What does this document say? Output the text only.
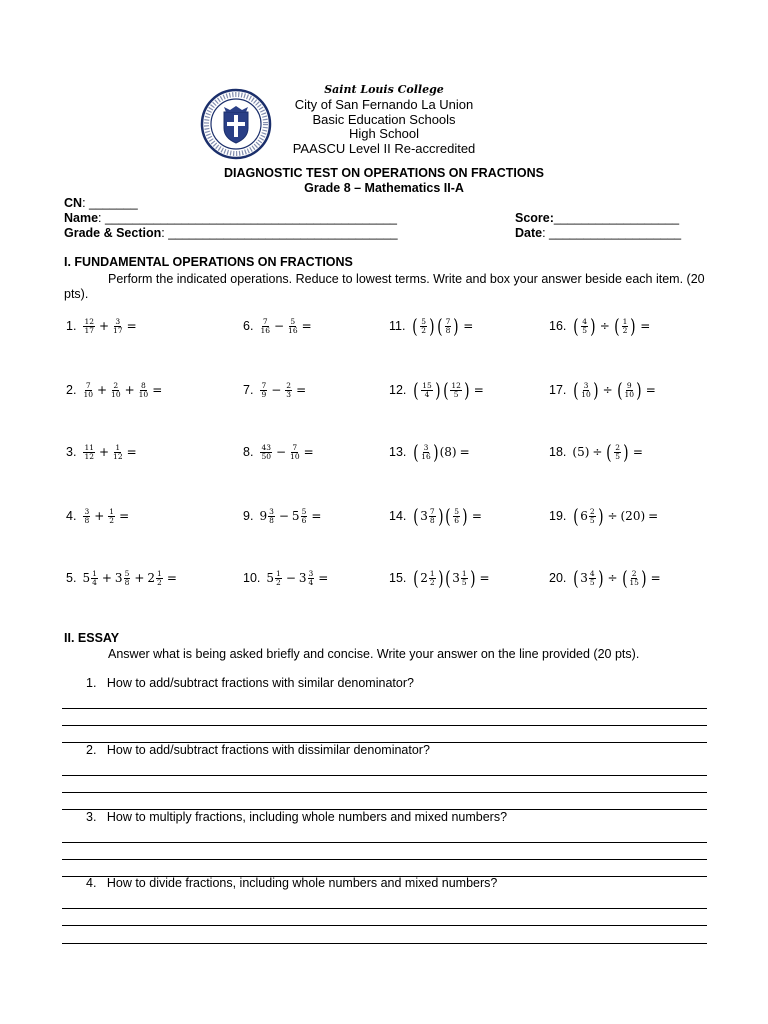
Saint Louis College
City of San Fernando La Union
Basic Education Schools
High School
PAASCU Level II Re-accredited
DIAGNOSTIC TEST ON OPERATIONS ON FRACTIONS
Grade 8 – Mathematics II-A
CN: _______
Name: __________________________________________
Grade & Section: _________________________________
Score:__________________
Date: ___________________
I. FUNDAMENTAL OPERATIONS ON FRACTIONS
Perform the indicated operations. Reduce to lowest terms. Write and box your answer beside each item. (20 pts).
1. $\frac{12}{17} + \frac{3}{17}$ =
2. $\frac{7}{10} + \frac{2}{10} + \frac{8}{10}$ =
3. $\frac{11}{12} + \frac{1}{12}$ =
4. $\frac{3}{8} + \frac{1}{2}$ =
5. $5 \frac{1}{4} + 3 \frac{5}{8} + 2 \frac{1}{2}$ =
6. $\frac{7}{16} - \frac{5}{16}$ =
7. $\frac{7}{9} - \frac{2}{3}$ =
8. $\frac{43}{50} - \frac{7}{10}$ =
9. $9 \frac{3}{8} - 5 \frac{5}{6}$ =
10. $5 \frac{1}{2} - 3 \frac{3}{4}$ =
11. ( $\frac{5}{2}$ ) ( $\frac{7}{8}$ ) =
12. ( $\frac{15}{4}$ ) ( $\frac{12}{5}$ ) =
13. ( $\frac{3}{16}$ ) (8) =
14. ( $3 \frac{7}{8}$ ) ( $\frac{5}{6}$ ) =
15. ( $2 \frac{1}{2}$ ) ( $3 \frac{1}{5}$ ) =
16. ( $\frac{4}{5}$ ) ÷ ( $\frac{1}{2}$ ) =
17. ( $\frac{3}{10}$ ) ÷ ( $\frac{9}{10}$ ) =
18. (5) ÷ ( $\frac{2}{5}$ ) =
19. ( $6 \frac{2}{5}$ ) ÷ (20) =
20. ( $3 \frac{4}{5}$ ) ÷ ( $\frac{2}{15}$ ) =
II. ESSAY
Answer what is being asked briefly and concise. Write your answer on the line provided (20 pts).
1. How to add/subtract fractions with similar denominator?
2. How to add/subtract fractions with dissimilar denominator?
3. How to multiply fractions, including whole numbers and mixed numbers?
4. How to divide fractions, including whole numbers and mixed numbers?
